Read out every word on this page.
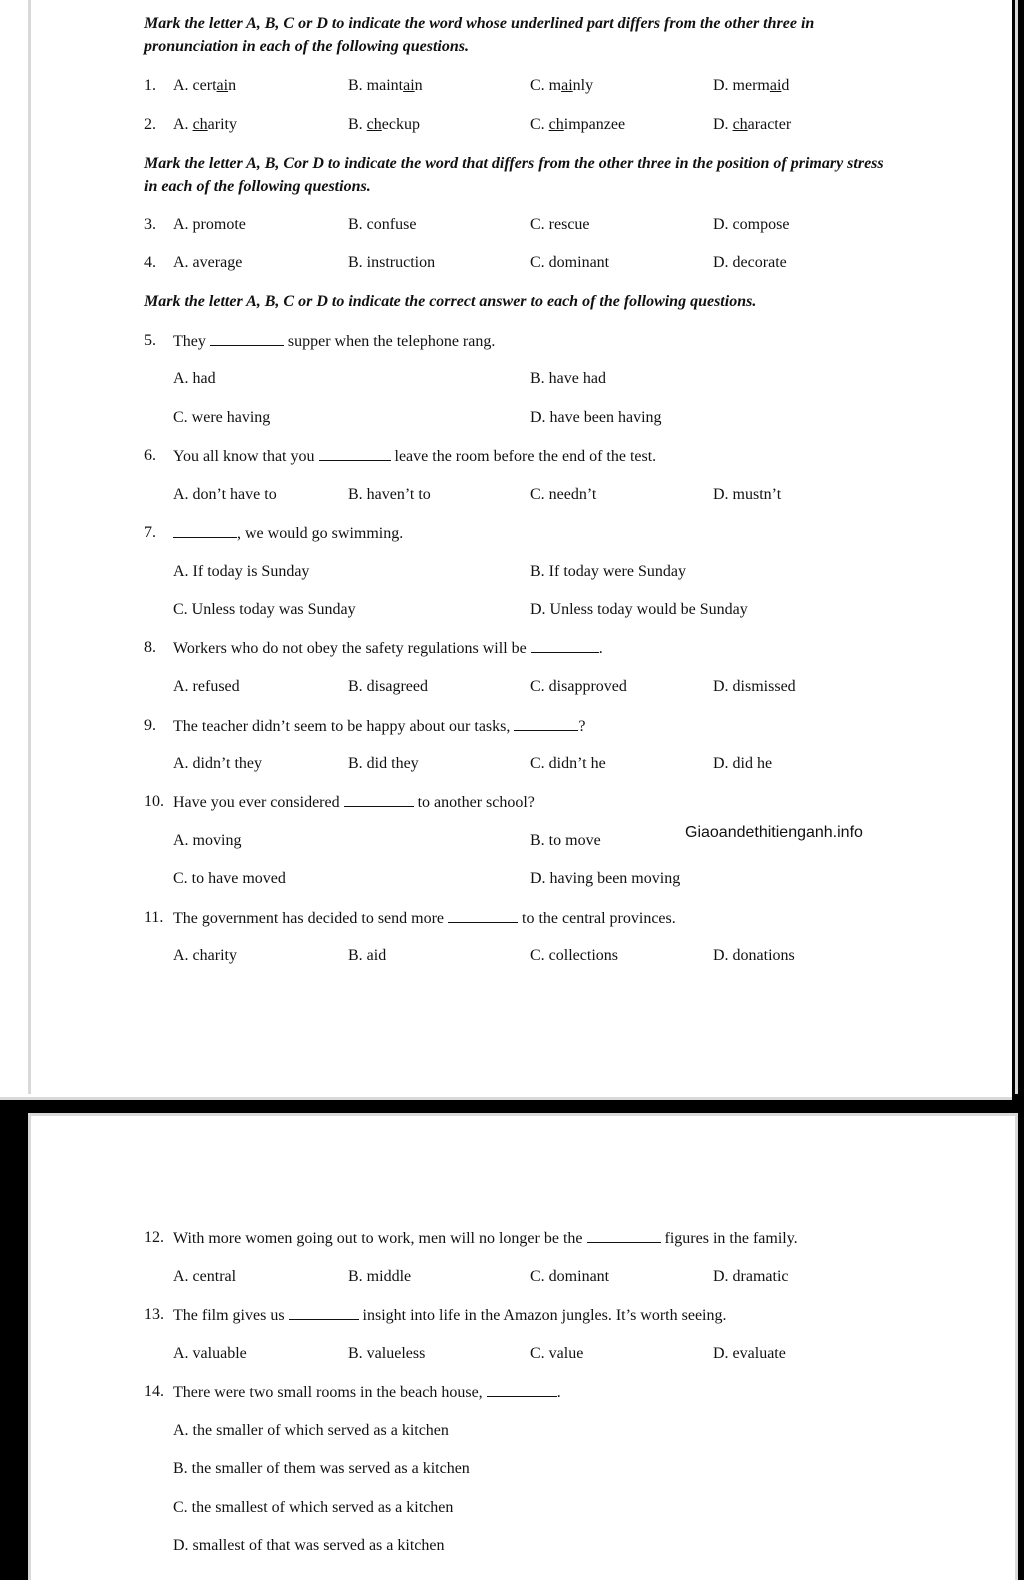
Mark the letter A, B, C or D to indicate the word whose underlined part differs from the other three in pronunciation in each of the following questions.
1. A. certain	B. maintain	C. mainly	D. mermaid
2. A. charity	B. checkup	C. chimpanzee	D. character
Mark the letter A, B, Cor D to indicate the word that differs from the other three in the position of primary stress in each of the following questions.
3. A. promote	B. confuse	C. rescue	D. compose
4. A. average	B. instruction	C. dominant	D. decorate
Mark the letter A, B, C or D to indicate the correct answer to each of the following questions.
5. They	supper when the telephone rang.
A. had	B. have had
C. were having	D. have been having
6. You all know that you	leave the room before the end of the test.
A. don’t have to	B. haven’t to	C. needn’t	D. mustn’t
7.	, we would go swimming.
A. If today is Sunday	B. If today were Sunday
C. Unless today was Sunday	D. Unless today would be Sunday
8. Workers who do not obey the safety regulations will be	.
A. refused	B. disagreed	C. disapproved	D. dismissed
9. The teacher didn’t seem to be happy about our tasks,	?
A. didn’t they	B. did they	C. didn’t he	D. did he
10. Have you ever considered	to another school?
A. moving	B. to move	Giaoandethitienganh.info
C. to have moved	D. having been moving
11. The government has decided to send more	to the central provinces.
A. charity	B. aid	C. collections	D. donations
12. With more women going out to work, men will no longer be the	figures in the family.
A. central	B. middle	C. dominant	D. dramatic
13. The film gives us	insight into life in the Amazon jungles. It’s worth seeing.
A. valuable	B. valueless	C. value	D. evaluate
14. There were two small rooms in the beach house,	.
A. the smaller of which served as a kitchen
B. the smaller of them was served as a kitchen
C. the smallest of which served as a kitchen
D. smallest of that was served as a kitchen
